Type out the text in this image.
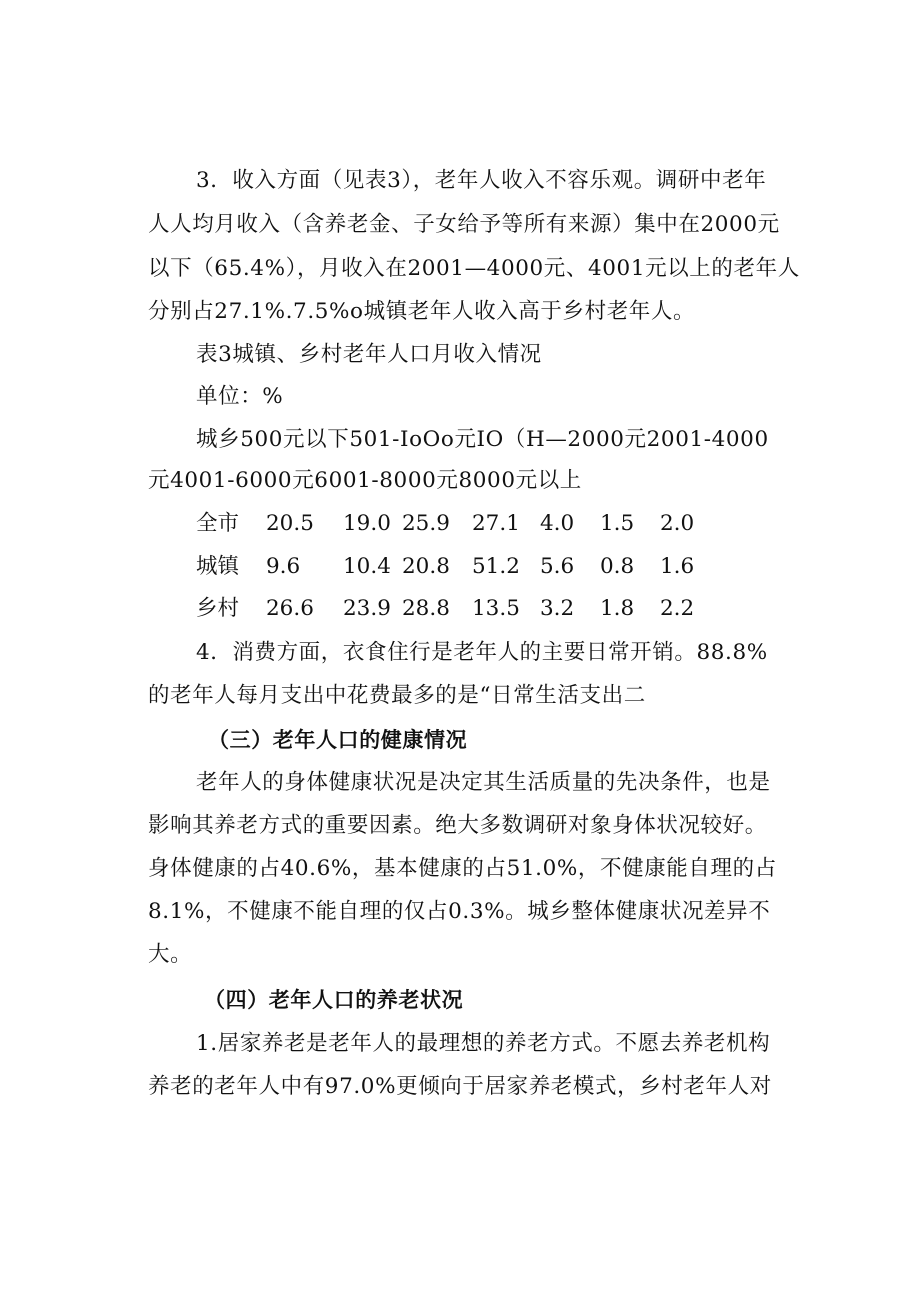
3．收入方面（见表3），老年人收入不容乐观。调研中老年
人人均月收入（含养老金、子女给予等所有来源）集中在2000元
以下（65.4%），月收入在2001—4000元、4001元以上的老年人
分别占27.1%.7.5%o城镇老年人收入高于乡村老年人。
表3城镇、乡村老年人口月收入情况
单位：%
城乡500元以下501-IoOo元IO（H—2000元2001-4000
元4001-6000元6001-8000元8000元以上
全市 20.5 19.0 25.9 27.1 4.0 1.5 2.0
城镇 9.6 10.4 20.8 51.2 5.6 0.8 1.6
乡村 26.6 23.9 28.8 13.5 3.2 1.8 2.2
4．消费方面，衣食住行是老年人的主要日常开销。88.8%
的老年人每月支出中花费最多的是“日常生活支出二
（三）老年人口的健康情况
老年人的身体健康状况是决定其生活质量的先决条件，也是
影响其养老方式的重要因素。绝大多数调研对象身体状况较好。
身体健康的占40.6%，基本健康的占51.0%，不健康能自理的占
8.1%，不健康不能自理的仅占0.3%。城乡整体健康状况差异不
大。
（四）老年人口的养老状况
1.居家养老是老年人的最理想的养老方式。不愿去养老机构
养老的老年人中有97.0%更倾向于居家养老模式，乡村老年人对
